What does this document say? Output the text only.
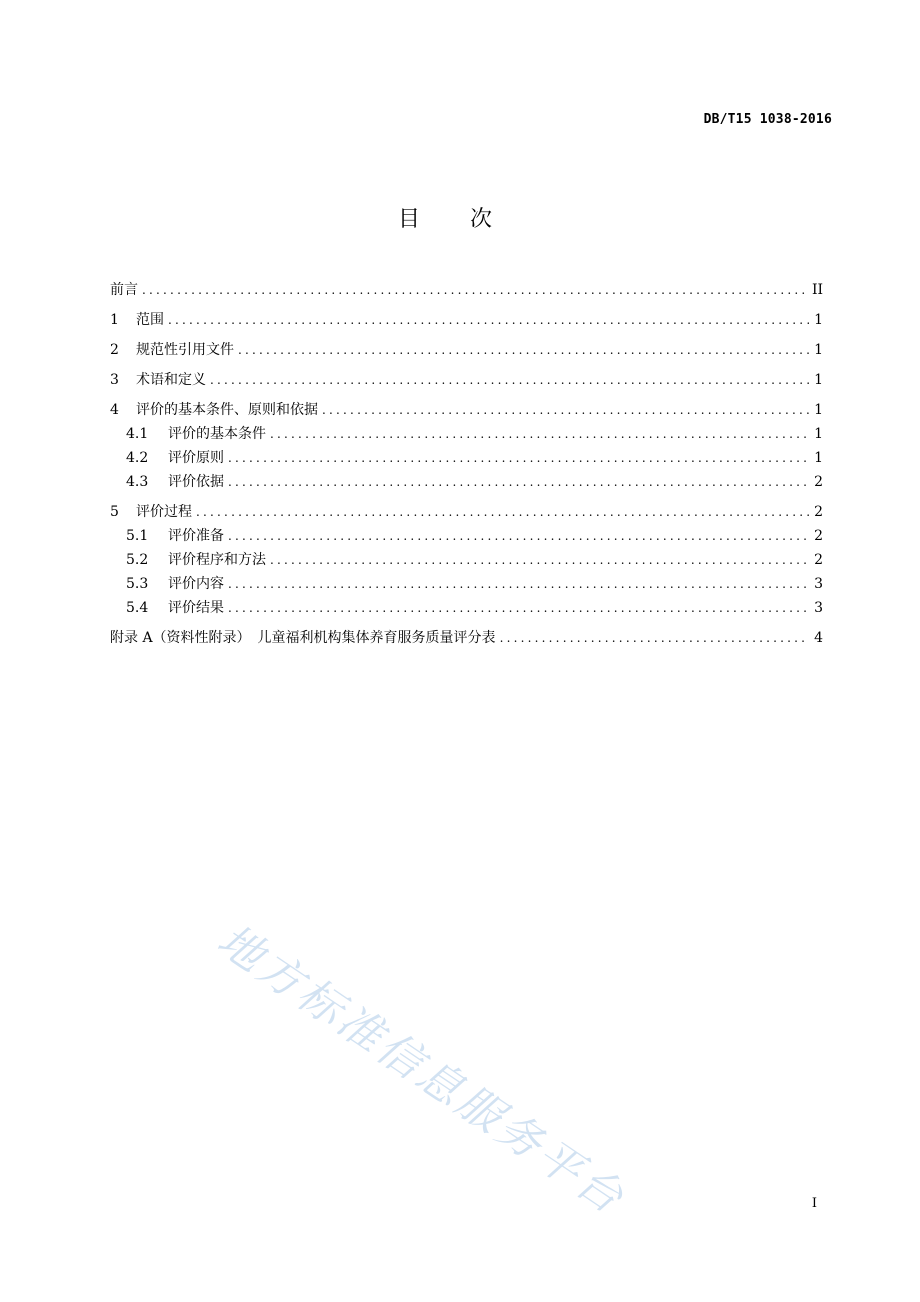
DB/T15 1038-2016
目次
前言 .....	II
1	范围 .....	1
2	规范性引用文件 .....	1
3	术语和定义 .....	1
4	评价的基本条件、原则和依据 .....	1
4.1	评价的基本条件 .....	1
4.2	评价原则 .....	1
4.3	评价依据 .....	2
5	评价过程 .....	2
5.1	评价准备 .....	2
5.2	评价程序和方法 .....	2
5.3	评价内容 .....	3
5.4	评价结果 .....	3
附录 A（资料性附录）　儿童福利机构集体养育服务质量评分表 .....	4
地方标准信息服务平台	I
